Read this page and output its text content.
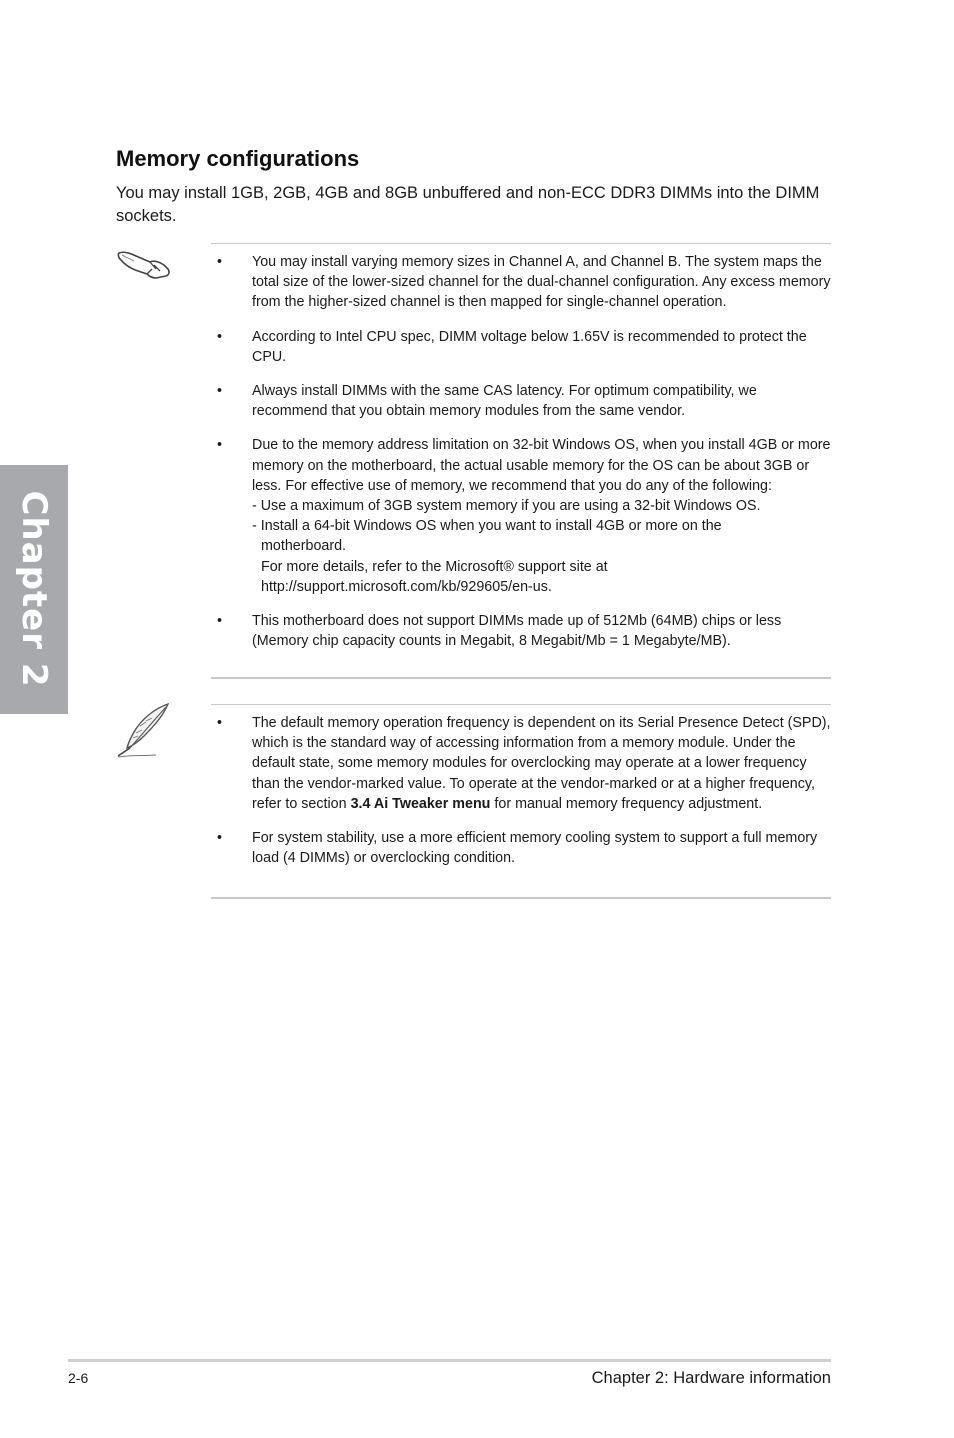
Chapter 2
Memory configurations

You may install 1GB, 2GB, 4GB and 8GB unbuffered and non-ECC DDR3 DIMMs into the DIMM sockets.

• You may install varying memory sizes in Channel A, and Channel B. The system maps the total size of the lower-sized channel for the dual-channel configuration. Any excess memory from the higher-sized channel is then mapped for single-channel operation.
• According to Intel CPU spec, DIMM voltage below 1.65V is recommended to protect the CPU.
• Always install DIMMs with the same CAS latency. For optimum compatibility, we recommend that you obtain memory modules from the same vendor.
• Due to the memory address limitation on 32-bit Windows OS, when you install 4GB or more memory on the motherboard, the actual usable memory for the OS can be about 3GB or less. For effective use of memory, we recommend that you do any of the following:
- Use a maximum of 3GB system memory if you are using a 32-bit Windows OS.
- Install a 64-bit Windows OS when you want to install 4GB or more on the
motherboard.
For more details, refer to the Microsoft® support site at
http://support.microsoft.com/kb/929605/en-us.
• This motherboard does not support DIMMs made up of 512Mb (64MB) chips or less (Memory chip capacity counts in Megabit, 8 Megabit/Mb = 1 Megabyte/MB).
• The default memory operation frequency is dependent on its Serial Presence Detect (SPD), which is the standard way of accessing information from a memory module. Under the default state, some memory modules for overclocking may operate at a lower frequency than the vendor-marked value. To operate at the vendor-marked or at a higher frequency, refer to section 3.4 Ai Tweaker menu for manual memory frequency adjustment.
• For system stability, use a more efficient memory cooling system to support a full memory load (4 DIMMs) or overclocking condition.
2-6	Chapter 2: Hardware information
